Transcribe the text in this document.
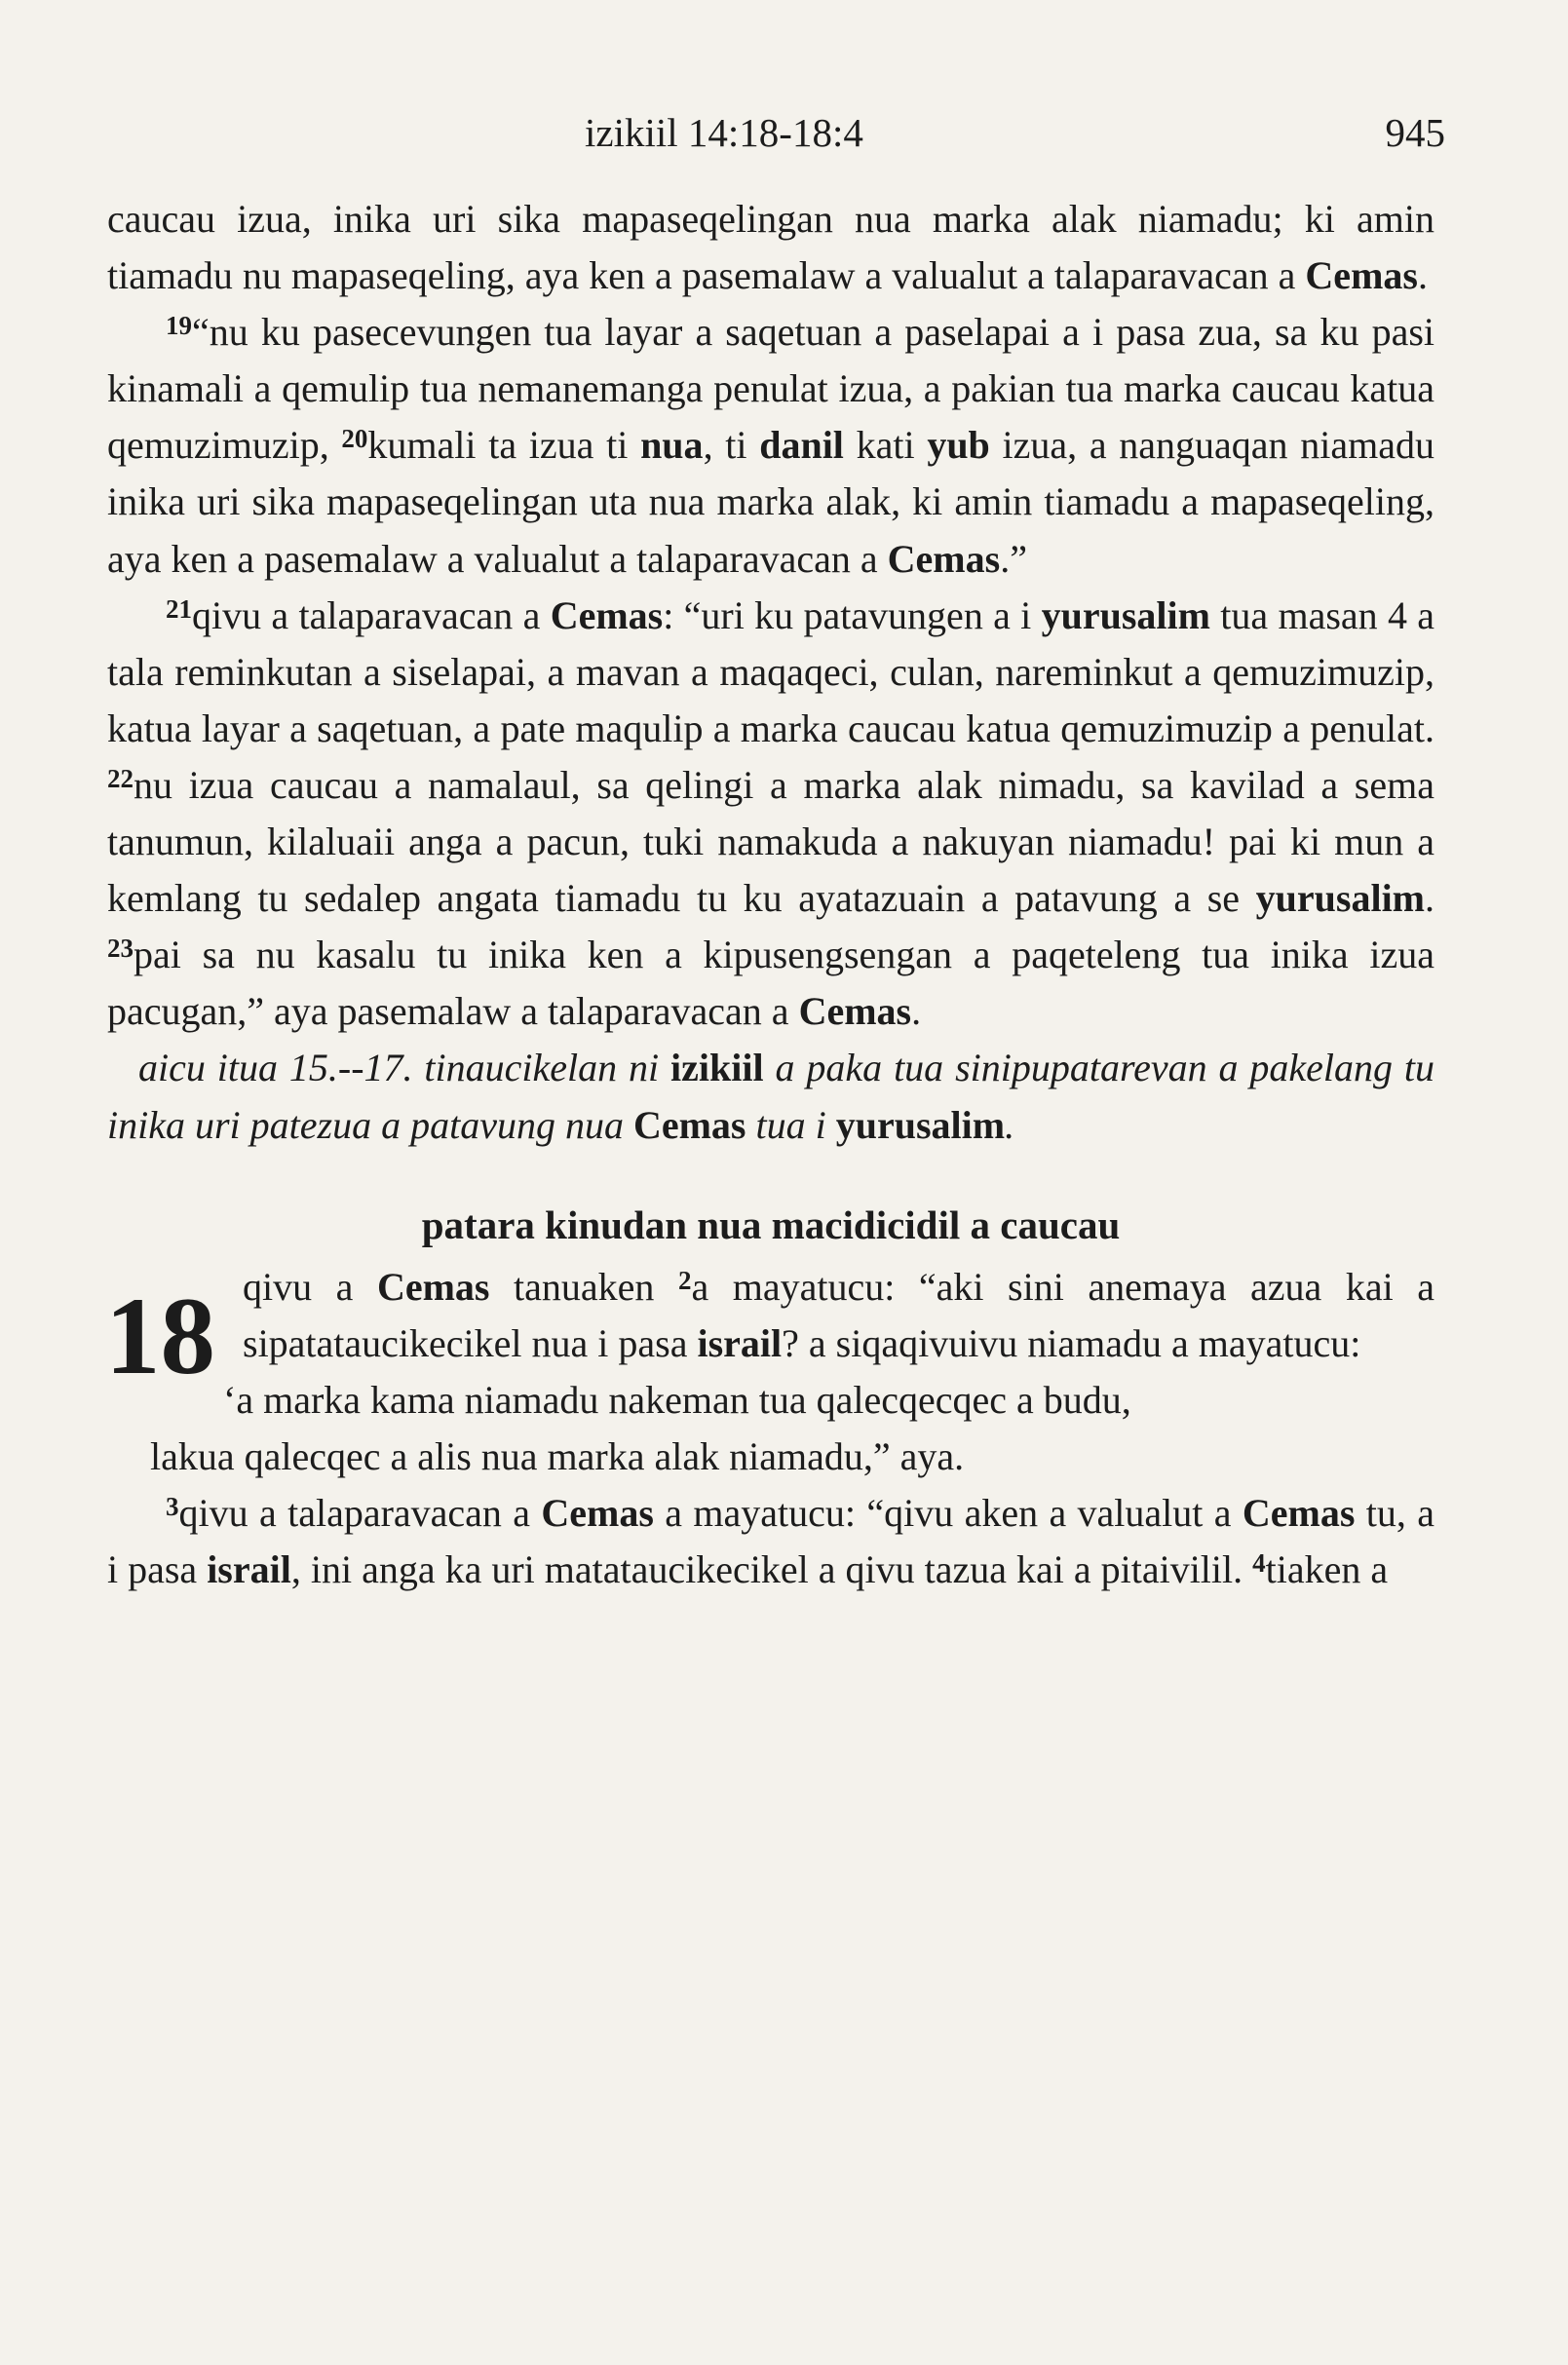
izikiil 14:18-18:4	945

caucau izua, inika uri sika mapaseqelingan nua marka alak niamadu; ki amin tiamadu nu mapaseqeling, aya ken a pasemalaw a valualut a talaparavacan a Cemas.

$^{19}$“nu ku pasecevungen tua layar a saqetuan a paselapai a i pasa zua, sa ku pasi kinamali a qemulip tua nemanemanga penulat izua, a pakian tua marka caucau katua qemuzimuzip, $^{20}$kumali ta izua ti nua, ti danil kati yub izua, a nanguaqan niamadu inika uri sika mapaseqelingan uta nua marka alak, ki amin tiamadu a mapaseqeling, aya ken a pasemalaw a valualut a talaparavacan a Cemas.”

$^{21}$qivu a talaparavacan a Cemas: “uri ku patavungen a i yurusalim tua masan 4 a tala reminkutan a siselapai, a mavan a maqaqeci, culan, nareminkut a qemuzimuzip, katua layar a saqetuan, a pate maqulip a marka caucau katua qemuzimuzip a penulat. $^{22}$nu izua caucau a namalaul, sa qelingi a marka alak nimadu, sa kavilad a sema tanumun, kilaluaii anga a pacun, tuki namakuda a nakuyan niamadu! pai ki mun a kemlang tu sedalep angata tiamadu tu ku ayatazuain a patavung a se yurusalim. $^{23}$pai sa nu kasalu tu inika ken a kipusengsengan a paqeteleng tua inika izua pacugan,” aya pasemalaw a talaparavacan a Cemas.

aicu itua 15.--17. tinaucikelan ni izikiil a paka tua sinipupatarevan a pakelang tu inika uri patezua a patavung nua Cemas tua i yurusalim.

patara kinudan nua macidicidil a caucau

18 qivu a Cemas tanuaken $^2$a mayatucu: “aki sini anemaya azua kai a sipatataucikecikel nua i pasa israil? a siqaqivuivu niamadu a mayatucu:

‘a marka kama niamadu nakeman tua qalecqecqec a budu,

lakua qalecqec a alis nua marka alak niamadu,” aya.

$^3$qivu a talaparavacan a Cemas a mayatucu: “qivu aken a valualut a Cemas tu, a i pasa israil, ini anga ka uri matataucikecikel a qivu tazua kai a pitaivilil. $^4$tiaken a
